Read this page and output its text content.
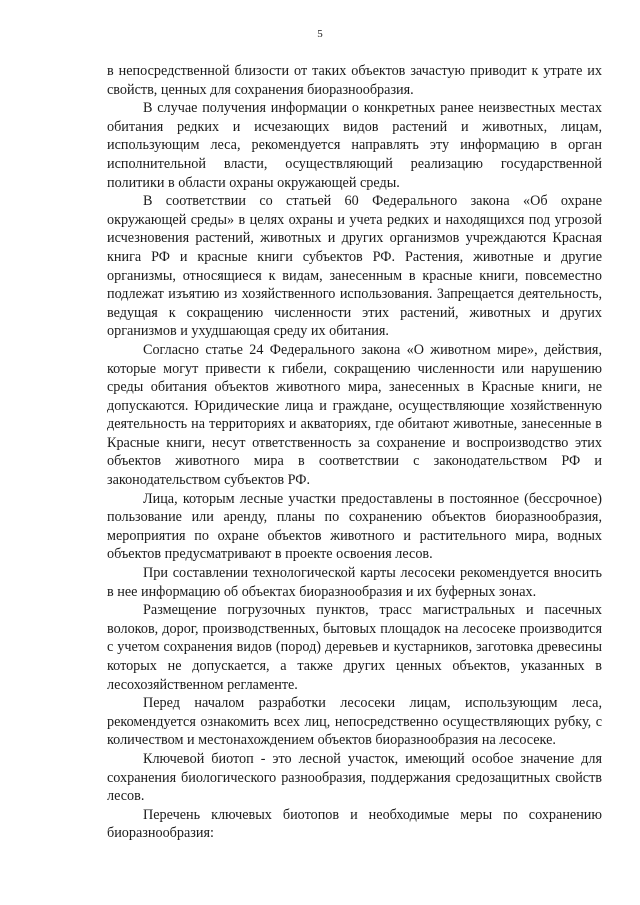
5

в непосредственной близости от таких объектов зачастую приводит к утрате их свойств, ценных для сохранения биоразнообразия.

В случае получения информации о конкретных ранее неизвестных местах обитания редких и исчезающих видов растений и животных, лицам, использующим леса, рекомендуется направлять эту информацию в орган исполнительной власти, осуществляющий реализацию государственной политики в области охраны окружающей среды.

В соответствии со статьей 60 Федерального закона «Об охране окружающей среды» в целях охраны и учета редких и находящихся под угрозой исчезновения растений, животных и других организмов учреждаются Красная книга РФ и красные книги субъектов РФ. Растения, животные и другие организмы, относящиеся к видам, занесенным в красные книги, повсеместно подлежат изъятию из хозяйственного использования. Запрещается деятельность, ведущая к сокращению численности этих растений, животных и других организмов и ухудшающая среду их обитания.

Согласно статье 24 Федерального закона «О животном мире», действия, которые могут привести к гибели, сокращению численности или нарушению среды обитания объектов животного мира, занесенных в Красные книги, не допускаются. Юридические лица и граждане, осуществляющие хозяйственную деятельность на территориях и акваториях, где обитают животные, занесенные в Красные книги, несут ответственность за сохранение и воспроизводство этих объектов животного мира в соответствии с законодательством РФ и законодательством субъектов РФ.

Лица, которым лесные участки предоставлены в постоянное (бессрочное) пользование или аренду, планы по сохранению объектов биоразнообразия, мероприятия по охране объектов животного и растительного мира, водных объектов предусматривают в проекте освоения лесов.

При составлении технологической карты лесосеки рекомендуется вносить в нее информацию об объектах биоразнообразия и их буферных зонах.

Размещение погрузочных пунктов, трасс магистральных и пасечных волоков, дорог, производственных, бытовых площадок на лесосеке производится с учетом сохранения видов (пород) деревьев и кустарников, заготовка древесины которых не допускается, а также других ценных объектов, указанных в лесохозяйственном регламенте.

Перед началом разработки лесосеки лицам, использующим леса, рекомендуется ознакомить всех лиц, непосредственно осуществляющих рубку, с количеством и местонахождением объектов биоразнообразия на лесосеке.

Ключевой биотоп - это лесной участок, имеющий особое значение для сохранения биологического разнообразия, поддержания средозащитных свойств лесов.

Перечень ключевых биотопов и необходимые меры по сохранению биоразнообразия:
